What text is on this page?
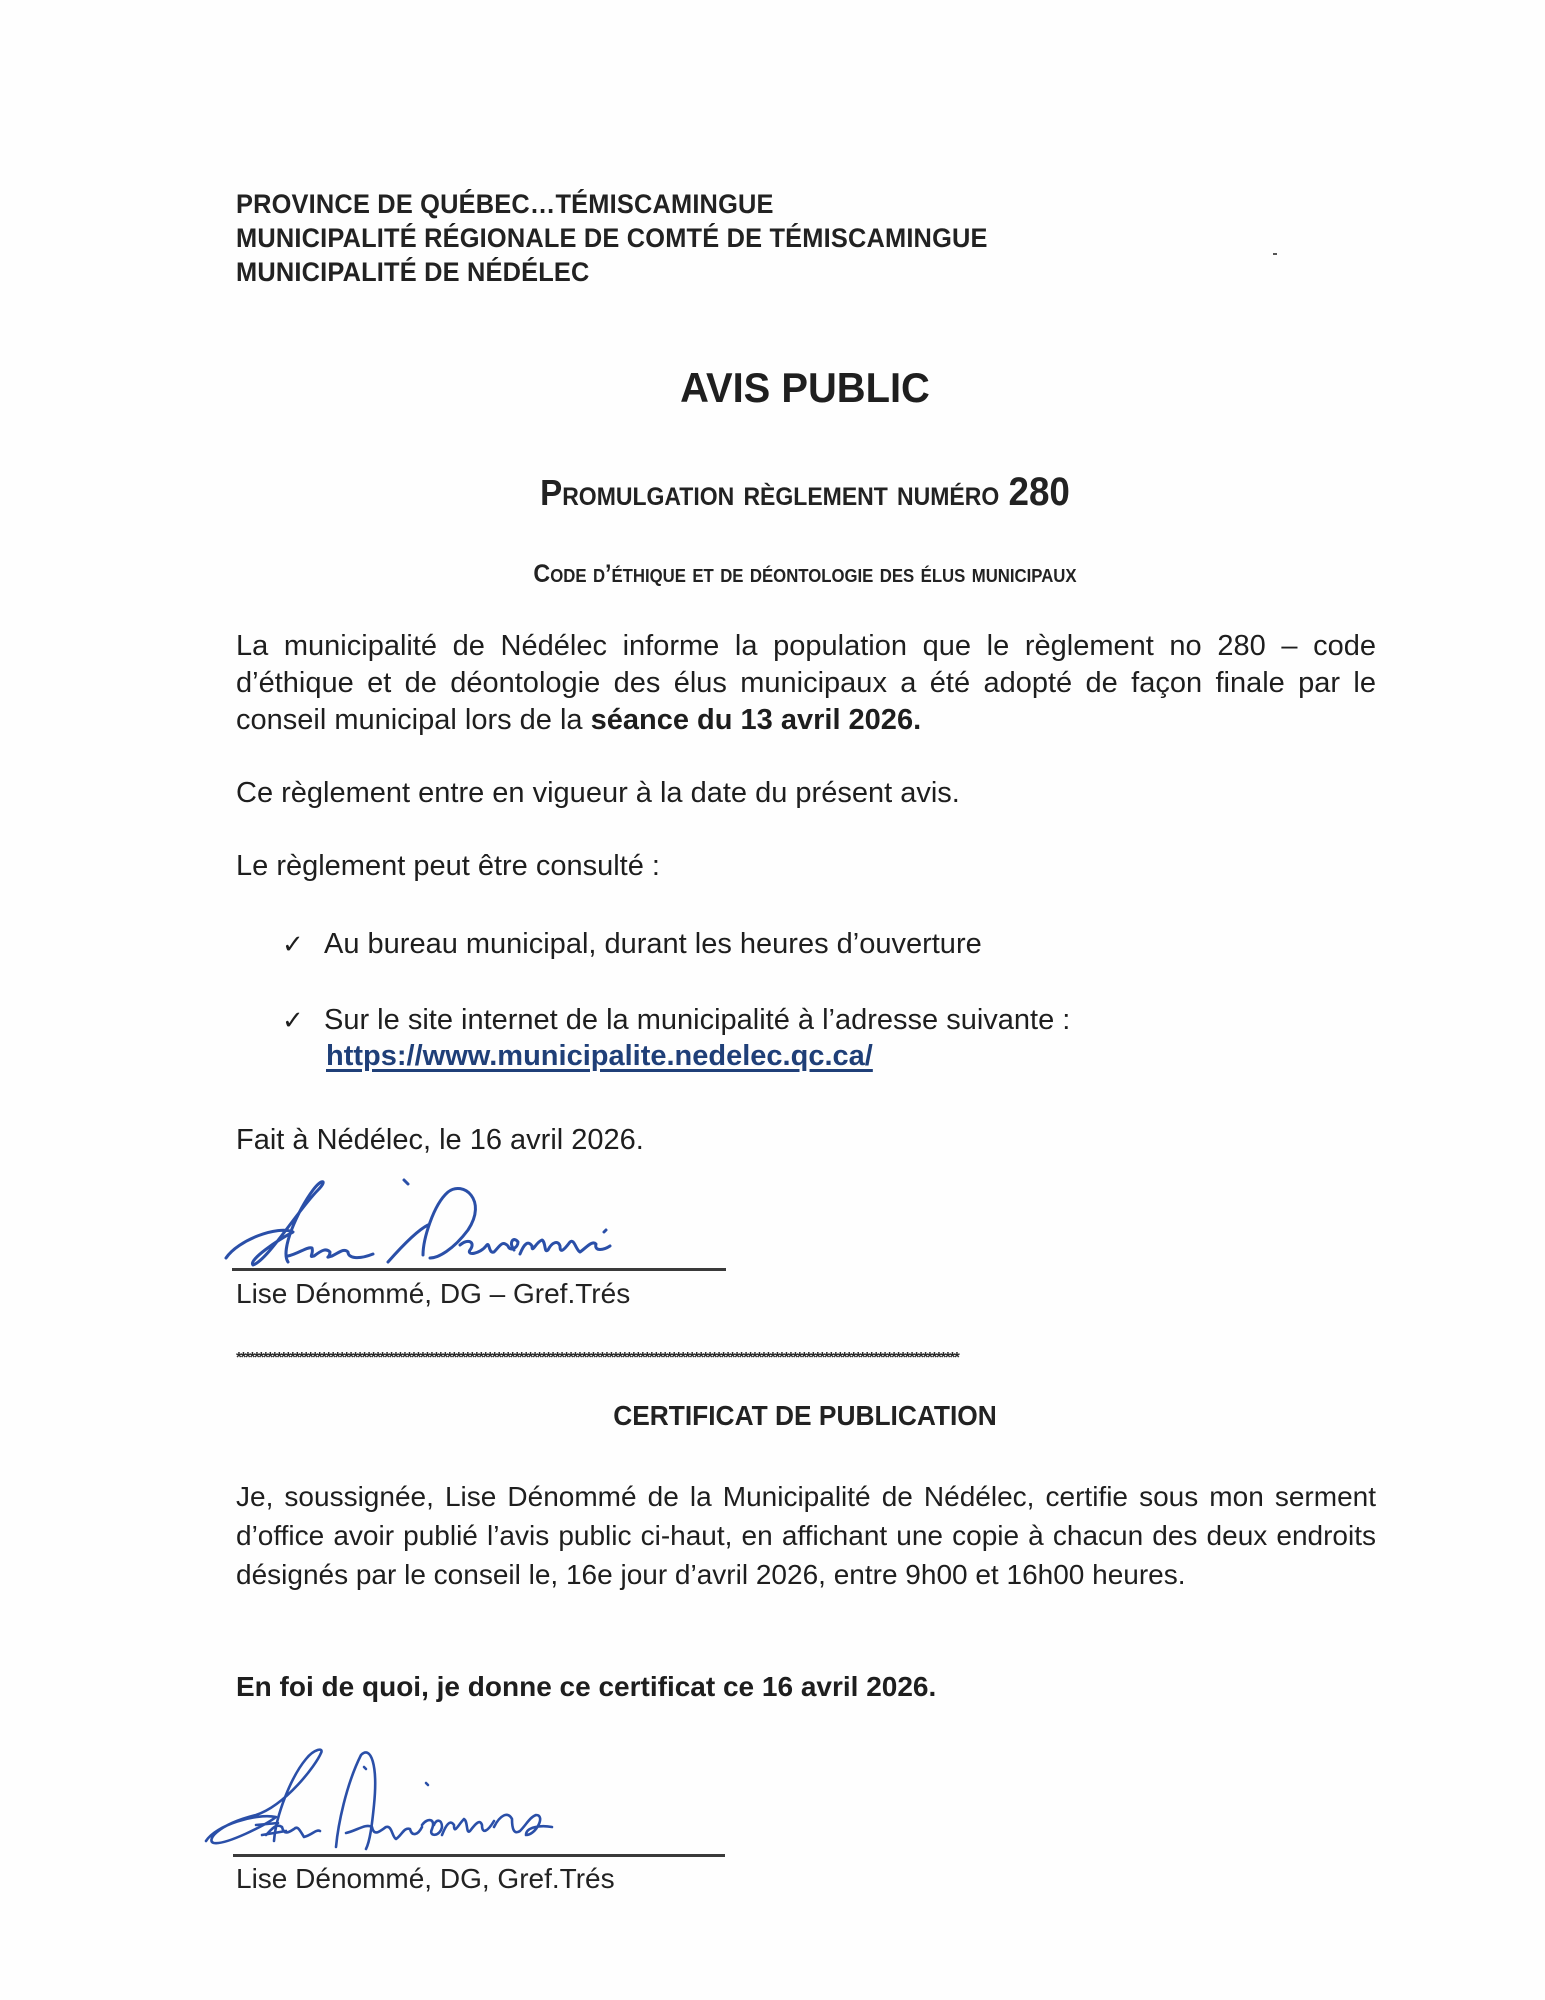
PROVINCE DE QUÉBEC…TÉMISCAMINGUE
MUNICIPALITÉ RÉGIONALE DE COMTÉ DE TÉMISCAMINGUE
MUNICIPALITÉ DE NÉDÉLEC
AVIS PUBLIC
Promulgation règlement numéro 280
Code d’éthique et de déontologie des élus municipaux
La municipalité de Nédélec informe la population que le règlement no 280 – code d’éthique et de déontologie des élus municipaux a été adopté de façon finale par le conseil municipal lors de la séance du 13 avril 2026.
Ce règlement entre en vigueur à la date du présent avis.
Le règlement peut être consulté :
✓ Au bureau municipal, durant les heures d’ouverture
✓ Sur le site internet de la municipalité à l’adresse suivante :
https://www.municipalite.nedelec.qc.ca/
Fait à Nédélec, le 16 avril 2026.
Lise Dénommé, DG – Gref.Trés
*****************************************************************************************************************************************************************
CERTIFICAT DE PUBLICATION
Je, soussignée, Lise Dénommé de la Municipalité de Nédélec, certifie sous mon serment d’office avoir publié l’avis public ci-haut, en affichant une copie à chacun des deux endroits désignés par le conseil le, 16e jour d’avril 2026, entre 9h00 et 16h00 heures.
En foi de quoi, je donne ce certificat ce 16 avril 2026.
Lise Dénommé, DG, Gref.Trés
